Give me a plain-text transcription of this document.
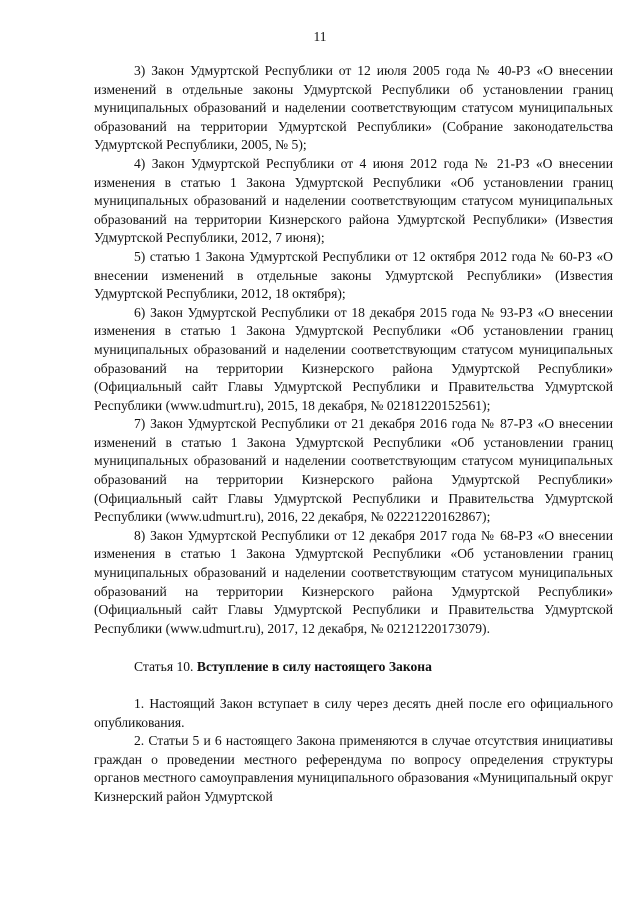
11

3) Закон Удмуртской Республики от 12 июля 2005 года № 40-РЗ «О внесении изменений в отдельные законы Удмуртской Республики об установлении границ муниципальных образований и наделении соответствующим статусом муниципальных образований на территории Удмуртской Республики» (Собрание законодательства Удмуртской Республики, 2005, № 5);

4) Закон Удмуртской Республики от 4 июня 2012 года № 21-РЗ «О внесении изменения в статью 1 Закона Удмуртской Республики «Об установлении границ муниципальных образований и наделении соответствующим статусом муниципальных образований на территории Кизнерского района Удмуртской Республики» (Известия Удмуртской Республики, 2012, 7 июня);

5) статью 1 Закона Удмуртской Республики от 12 октября 2012 года № 60-РЗ «О внесении изменений в отдельные законы Удмуртской Республики» (Известия Удмуртской Республики, 2012, 18 октября);

6) Закон Удмуртской Республики от 18 декабря 2015 года № 93-РЗ «О внесении изменения в статью 1 Закона Удмуртской Республики «Об установлении границ муниципальных образований и наделении соответствующим статусом муниципальных образований на территории Кизнерского района Удмуртской Республики» (Официальный сайт Главы Удмуртской Республики и Правительства Удмуртской Республики (www.udmurt.ru), 2015, 18 декабря, № 02181220152561);

7) Закон Удмуртской Республики от 21 декабря 2016 года № 87-РЗ «О внесении изменений в статью 1 Закона Удмуртской Республики «Об установлении границ муниципальных образований и наделении соответствующим статусом муниципальных образований на территории Кизнерского района Удмуртской Республики» (Официальный сайт Главы Удмуртской Республики и Правительства Удмуртской Республики (www.udmurt.ru), 2016, 22 декабря, № 02221220162867);

8) Закон Удмуртской Республики от 12 декабря 2017 года № 68-РЗ «О внесении изменения в статью 1 Закона Удмуртской Республики «Об установлении границ муниципальных образований и наделении соответствующим статусом муниципальных образований на территории Кизнерского района Удмуртской Республики» (Официальный сайт Главы Удмуртской Республики и Правительства Удмуртской Республики (www.udmurt.ru), 2017, 12 декабря, № 02121220173079).

Статья 10. Вступление в силу настоящего Закона

1. Настоящий Закон вступает в силу через десять дней после его официального опубликования.

2. Статьи 5 и 6 настоящего Закона применяются в случае отсутствия инициативы граждан о проведении местного референдума по вопросу определения структуры органов местного самоуправления муниципального образования «Муниципальный округ Кизнерский район Удмуртской
